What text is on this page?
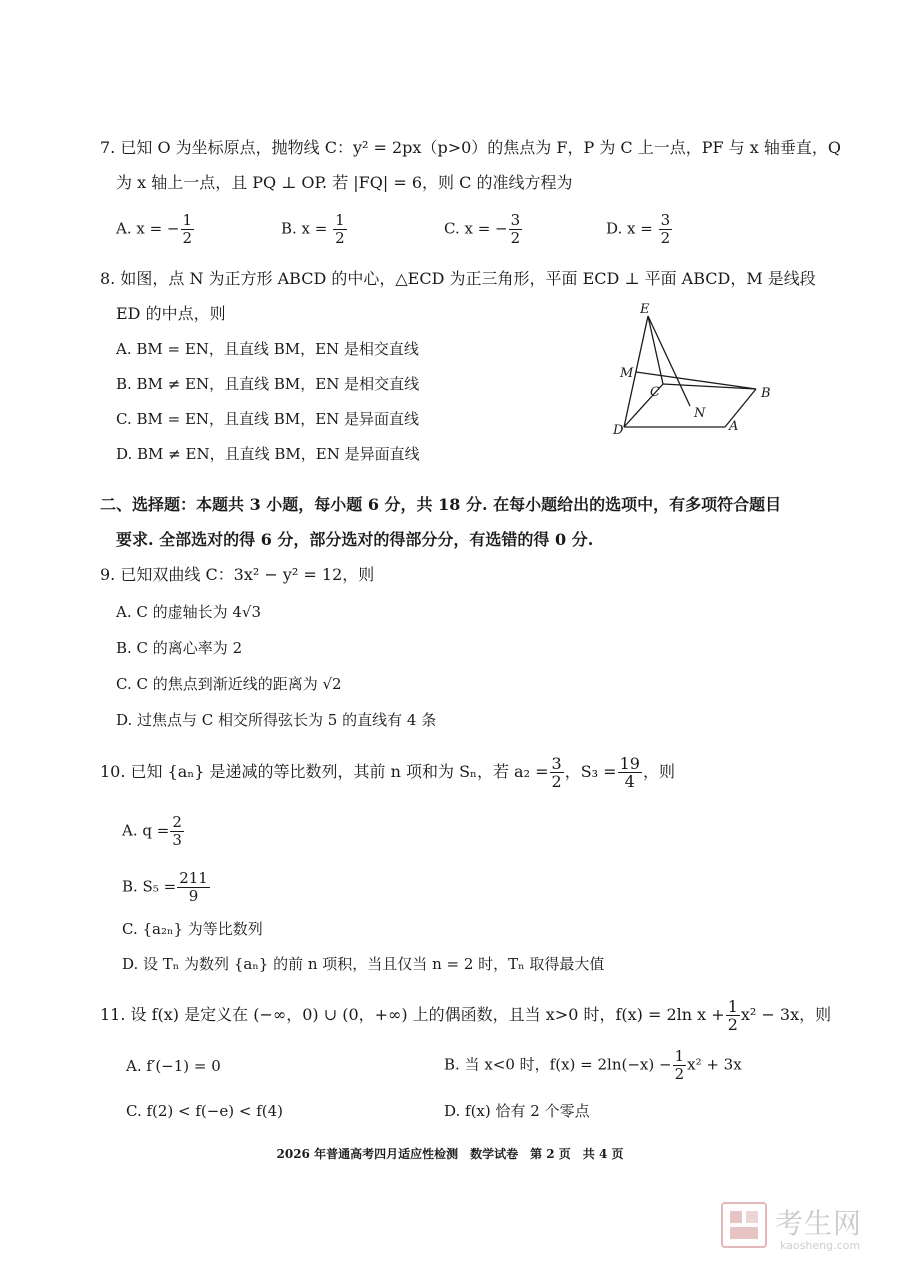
7. 已知 O 为坐标原点，抛物线 C：y² = 2px（p>0）的焦点为 F，P 为 C 上一点，PF 与 x 轴垂直，Q
为 x 轴上一点，且 PQ ⊥ OP. 若 |FQ| = 6，则 C 的准线方程为
A. x = − $\frac{1}{2}$	B. $x = \frac{1}{2}$	C. x = − $\frac{3}{2}$	D. $x = \frac{3}{2}$
8. 如图，点 N 为正方形 ABCD 的中心，△ECD 为正三角形，平面 ECD ⊥ 平面 ABCD，M 是线段
ED 的中点，则
A. BM = EN，且直线 BM，EN 是相交直线
B. BM ≠ EN，且直线 BM，EN 是相交直线
C. BM = EN，且直线 BM，EN 是异面直线
D. BM ≠ EN，且直线 BM，EN 是异面直线
E
M
C	B
N
D	A
二、选择题：本题共 3 小题，每小题 6 分，共 18 分. 在每小题给出的选项中，有多项符合题目
要求. 全部选对的得 6 分，部分选对的得部分分，有选错的得 0 分.
9. 已知双曲线 C：3x² − y² = 12，则
A. C 的虚轴长为 4√3
B. C 的离心率为 2
C. C 的焦点到渐近线的距离为 √2
D. 过焦点与 C 相交所得弦长为 5 的直线有 4 条
10. 已知 {aₙ} 是递减的等比数列，其前 n 项和为 Sₙ，若 $a_2 = \frac{3}{2}$ ，$S_3 = \frac{19}{4}$ ，则
A. $q = \frac{2}{3}$
B. $S_5 = \frac{211}{9}$
C. {a₂ₙ} 为等比数列
D. 设 Tₙ 为数列 {aₙ} 的前 n 项积，当且仅当 n = 2 时，Tₙ 取得最大值
11. 设 f(x) 是定义在 (−∞，0) ∪ (0，+∞) 上的偶函数，且当 x>0 时，f(x) = 2ln $x + \frac{1}{2} x^2 - 3x$，则
A. f′(−1) = 0	B. 当 x<0 时，$f(x) = 2\ln(-x) - \frac{1}{2} x^2 + 3x$
C. f(2) < f(−e) < f(4)	D. f(x) 恰有 2 个零点
2026 年普通高考四月适应性检测　数学试卷　第 2 页　共 4 页
考生网
kaosheng.com
